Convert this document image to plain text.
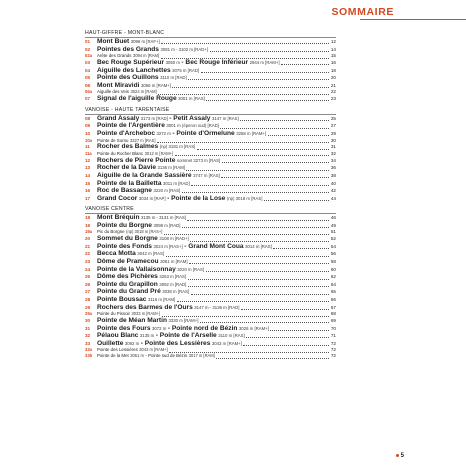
SOMMAIRE
HAUT-GIFFRE - MONT-BLANC
01	Mont Buet 3096 m [RAF+]	12
02	Pointes des Grands 3081 m - 3102 m [RAD+]	14
02a	Arête des Grands 3094 m [RAM]	15
03	Bec Rouge Supérieur 3050 m - Bec Rouge Inférieur 2944 m [RAM+]	16
04	Aiguille des Lanchettes 3075 m [RAD]	18
05	Pointe des Ouillons 3110 m [RAD]	20
06	Mont Miravidi 3066 m [RAM+]	21
06a	Aiguille des Veis 3024 m [RAM]	22
07	Signal de l'aiguille Rouge 3001 m [RAS]	23
VANOISE - HAUTE TARENTAISE
08	Grand Assaly 3173 m [RAD] - Petit Assaly 3147 m [RAS]	25
09	Pointe de l'Argentière 3001 m (éperon sud) [RAD]	27
10	Pointe d'Archeboc 3272 m - Pointe d'Ormelune 3258 m [RAM+]	29
10a	Pointe de Sornu 3227 m [RAS]	30
11	Rocher des Balmes (np) 3181 m [RAS]	31
11a	Pointe du Rocher Blanc 3012 m [RAM+]	32
12	Rochers de Pierre Pointe sommet 3273 m [RAS]	34
13	Rocher de la Davie 3136 m [RAM]	36
14	Aiguille de la Grande Sassière 3747 m [RAS]	38
15	Pointe de la Bailletta 3011 m [RAD]	40
16	Roc de Bassagne 3220 m [RAS]	42
17	Grand Cocor 3034 m [RAP] - Pointe de la Lose (np) 3018 m [RAS]	44
VANOISE CENTRE
18	Mont Bréquin 3135 m - 3131 m [RAS]	46
19	Pointe du Borgne 3098 m [RAD]	49
19a	Pic du Borgne (np) 3018 m [RAS+]	51
20	Sommet du Borgne 3108 m [RAD+]	52
21	Pointe des Fonds 3024 m [RAS+] - Grand Mont Coua 3014 m [RAS]	54
22	Becca Motta 3042 m [RAS]	56
23	Dôme de Pramecou 3061 m [RAM]	58
24	Pointe de la Vallaisonnay 3020 m [RAS]	60
25	Dôme des Pichères 3263 m [RAS]	62
26	Pointe du Grapillon 3092 m [RAD]	64
27	Pointe du Grand Pré 3038 m [RAS]	65
28	Pointe Boussac 3116 m [RAM]	66
29	Rochers des Barmes de l'Ours 3147 m - 3136 m [RAD]	67
29a	Pointe du Pissoir 3033 m [RAM+]	68
30	Pointe de Méan Martin 3330 m [RAM+]	69
31	Pointe des Fours 3072 m - Pointe nord de Bézin 3026 m [RAM+]	70
32	Pélaou Blanc 3135 m - Pointe de l'Arselle 3110 m [RAS]	71
33	Ouillette 3092 m - Pointe des Lessières 3043 m [RAM+]	72
33a	Pointe des Lessières 3043 m [RAM+]	72
33b	Pointe de la Met 3061 m - Pointe sud de Bézin 3017 m [RAM]	72
5
